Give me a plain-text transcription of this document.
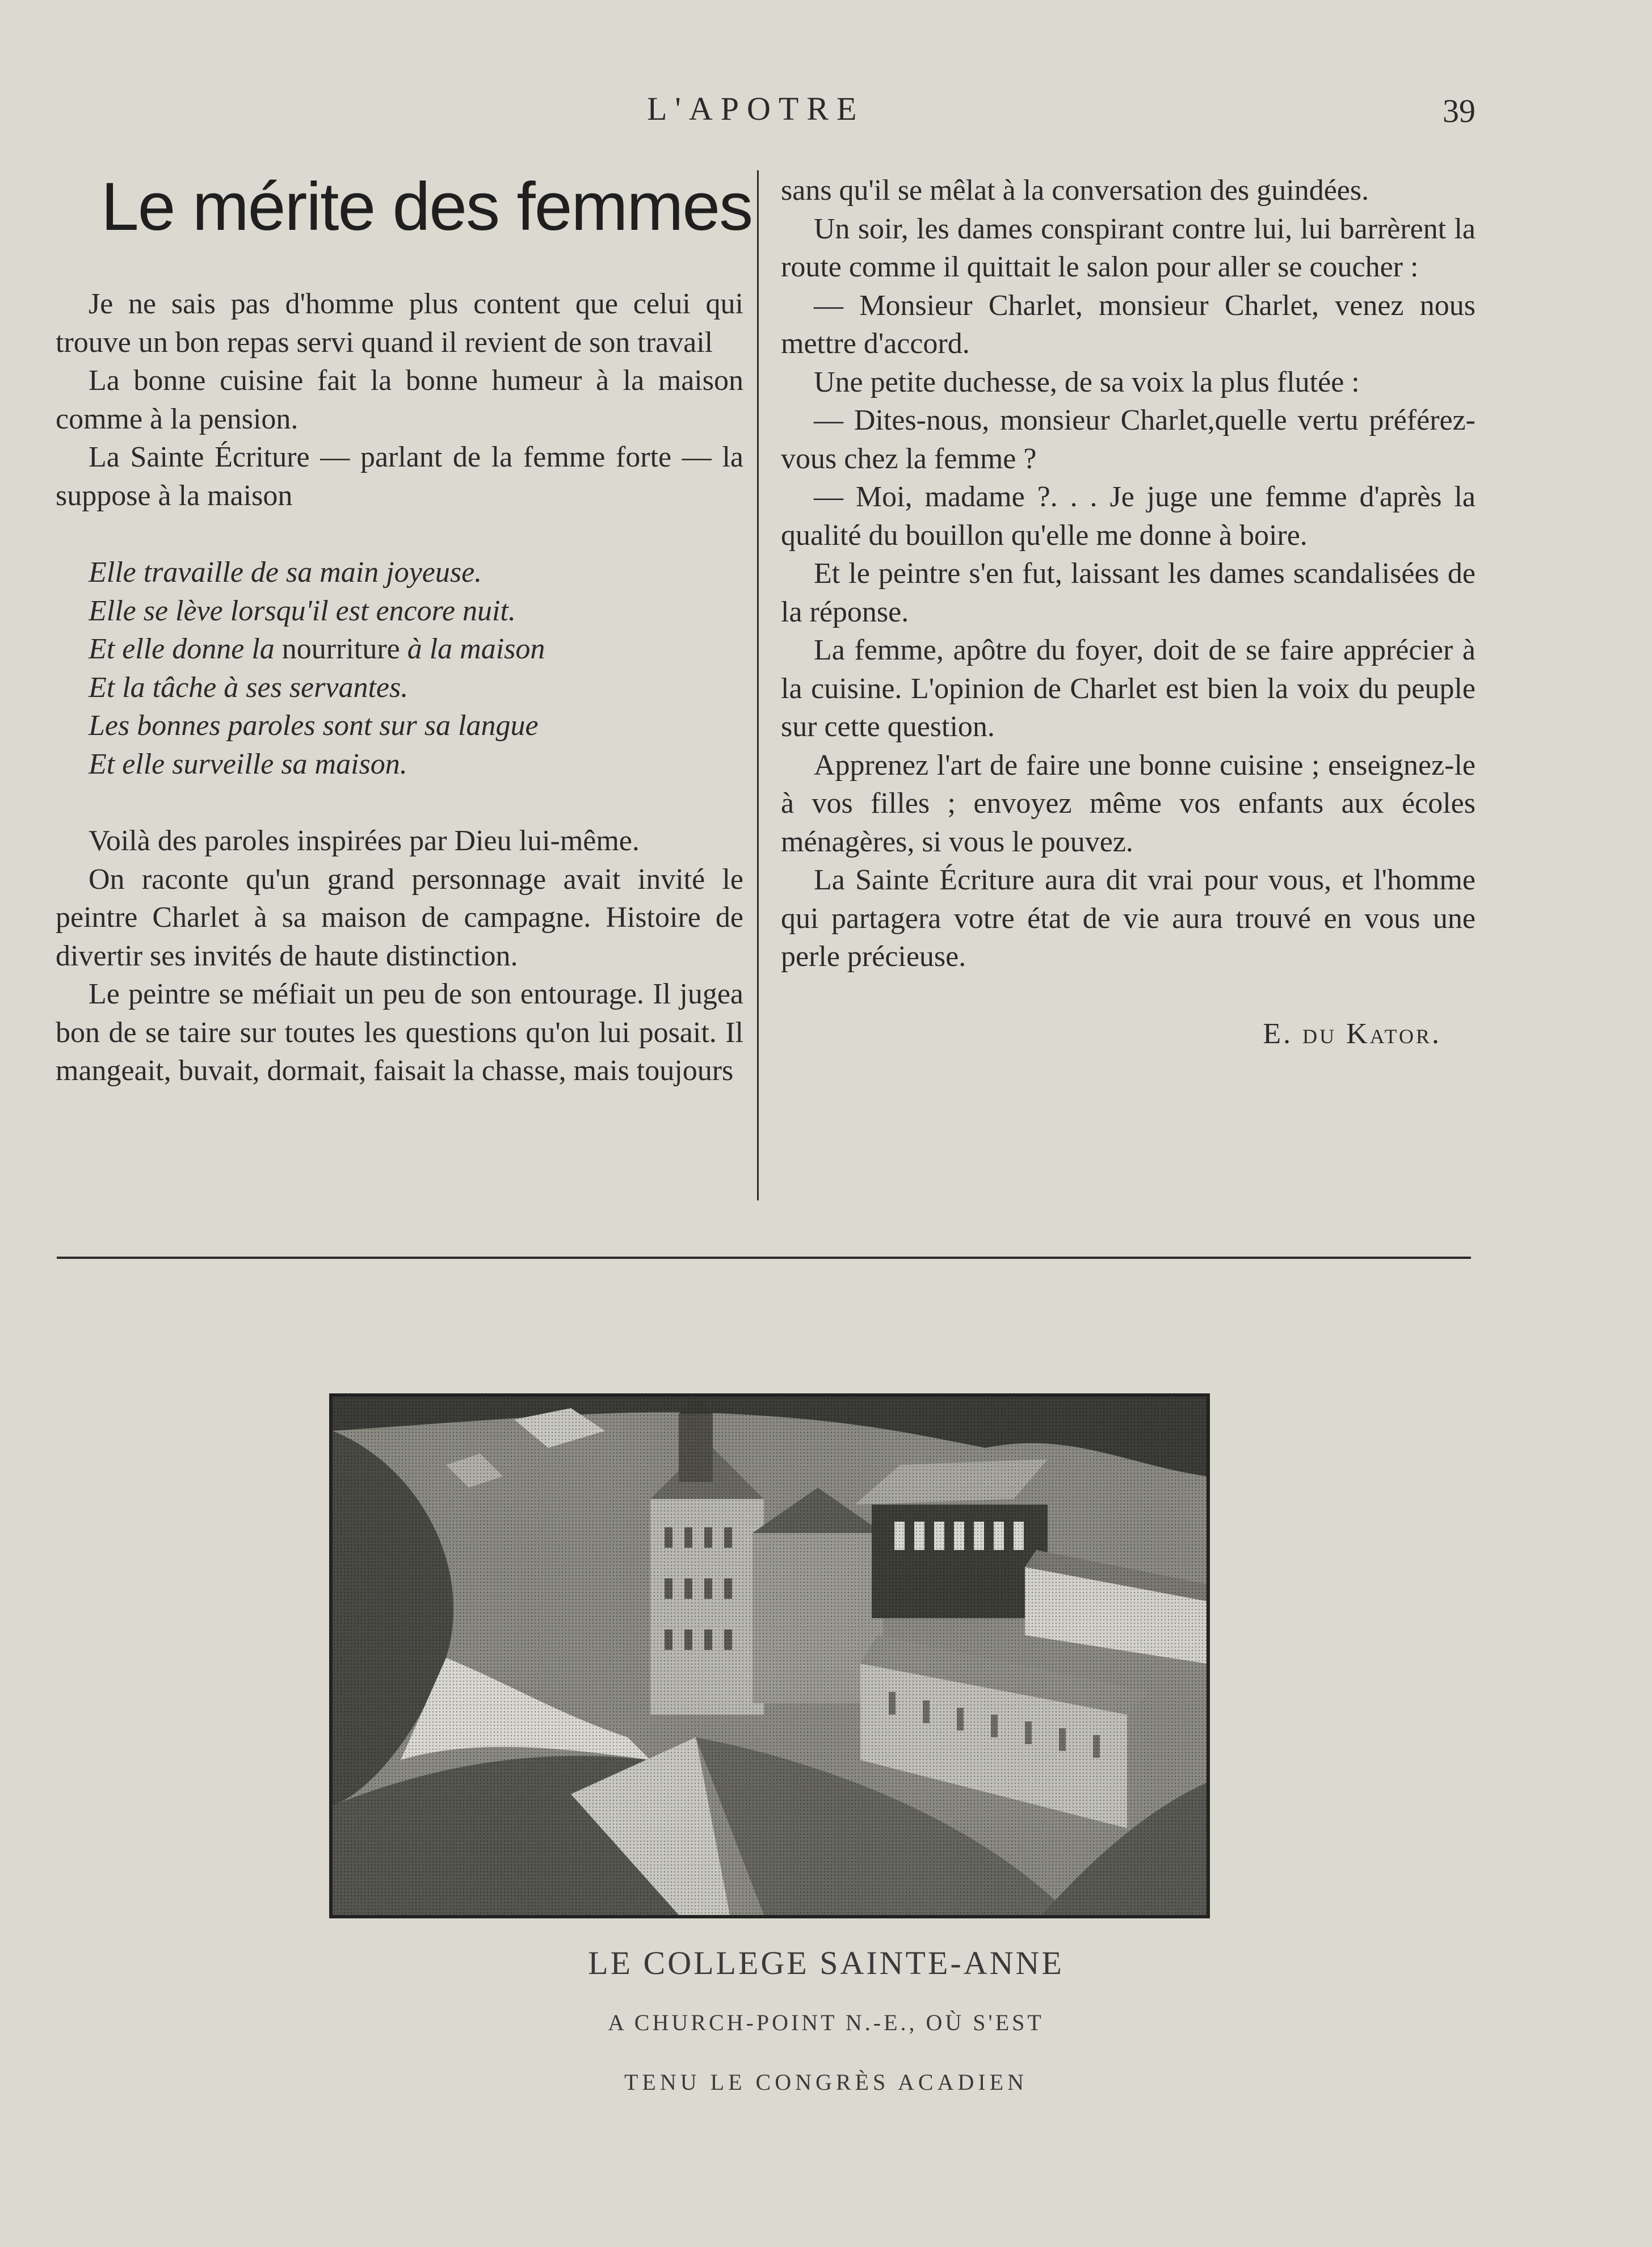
L'APOTRE	39
Le mérite des femmes

Je ne sais pas d'homme plus content que celui qui trouve un bon repas servi quand il revient de son travail

La bonne cuisine fait la bonne humeur à la maison comme à la pension.

La Sainte Écriture — parlant de la femme forte — la suppose à la maison

Elle travaille de sa main joyeuse.
Elle se lève lorsqu'il est encore nuit.
Et elle donne la nourriture à la maison
Et la tâche à ses servantes.
Les bonnes paroles sont sur sa langue
Et elle surveille sa maison.

Voilà des paroles inspirées par Dieu lui-même.

On raconte qu'un grand personnage avait invité le peintre Charlet à sa maison de campagne. Histoire de divertir ses invités de haute distinction.

Le peintre se méfiait un peu de son entourage. Il jugea bon de se taire sur toutes les questions qu'on lui posait. Il mangeait, buvait, dormait, faisait la chasse, mais toujours

sans qu'il se mêlat à la conversation des guindées.

Un soir, les dames conspirant contre lui, lui barrèrent la route comme il quittait le salon pour aller se coucher :

— Monsieur Charlet, monsieur Charlet, venez nous mettre d'accord.

Une petite duchesse, de sa voix la plus flutée :

— Dites-nous, monsieur Charlet,quelle vertu préférez-vous chez la femme ?

— Moi, madame ?. . . Je juge une femme d'après la qualité du bouillon qu'elle me donne à boire.

Et le peintre s'en fut, laissant les dames scandalisées de la réponse.

La femme, apôtre du foyer, doit de se faire apprécier à la cuisine. L'opinion de Charlet est bien la voix du peuple sur cette question.

Apprenez l'art de faire une bonne cuisine ; enseignez-le à vos filles ; envoyez même vos enfants aux écoles ménagères, si vous le pouvez.

La Sainte Écriture aura dit vrai pour vous, et l'homme qui partagera votre état de vie aura trouvé en vous une perle précieuse.

E. du Kator.
LE COLLEGE SAINTE-ANNE
A CHURCH-POINT N.-E., OÙ S'EST
TENU LE CONGRÈS ACADIEN
